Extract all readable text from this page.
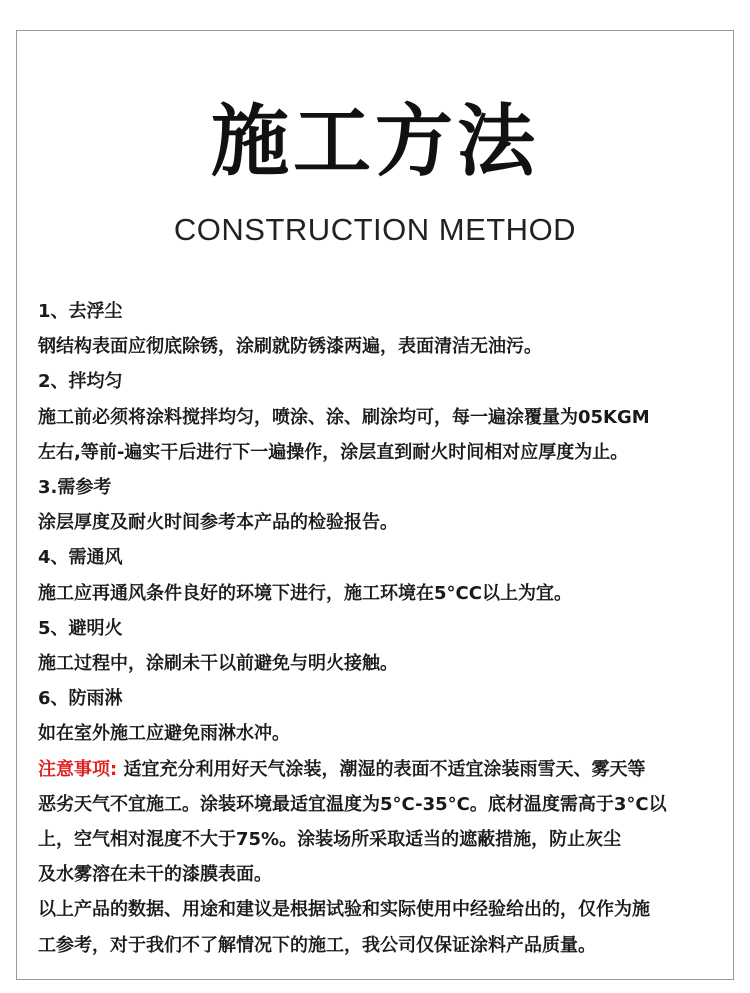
施工方法
CONSTRUCTION METHOD
1、去浮尘
钢结构表面应彻底除锈，涂刷就防锈漆两遍，表面清洁无油污。
2、拌均匀
施工前必须将涂料搅拌均匀，喷涂、涂、刷涂均可，每一遍涂覆量为05KGM
左右,等前-遍实干后进行下一遍操作，涂层直到耐火时间相对应厚度为止。
3.需参考
涂层厚度及耐火时间参考本产品的检验报告。
4、需通风
施工应再通风条件良好的环境下进行，施工环境在5°CC以上为宜。
5、避明火
施工过程中，涂刷未干以前避免与明火接触。
6、防雨淋
如在室外施工应避免雨淋水冲。
注意事项: 适宜充分利用好天气涂装，潮湿的表面不适宜涂装雨雪天、雾天等
恶劣天气不宜施工。涂装环境最适宜温度为5°C-35°C。底材温度需高于3°C以
上，空气相对混度不大于75%。涂装场所采取适当的遮蔽措施，防止灰尘
及水雾溶在未干的漆膜表面。
以上产品的数据、用途和建议是根据试验和实际使用中经验给出的，仅作为施
工参考，对于我们不了解情况下的施工，我公司仅保证涂料产品质量。
